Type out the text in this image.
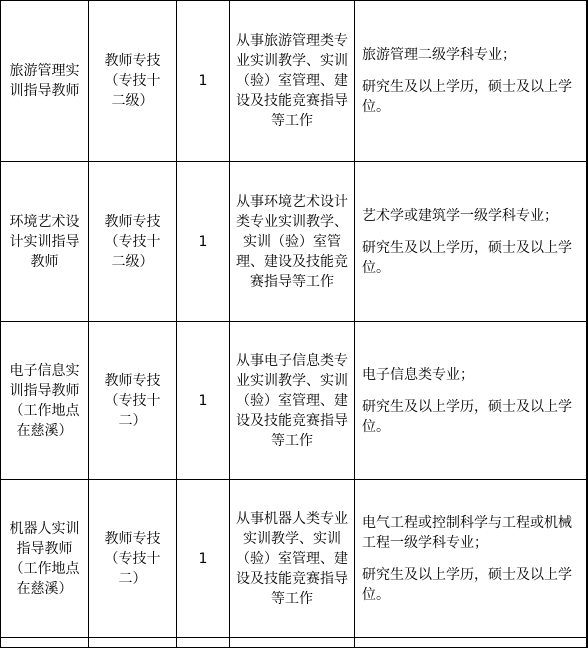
旅游管理实训指导教师	教师专技（专技十二级）	1	从事旅游管理类专业实训教学、实训（验）室管理、建设及技能竞赛指导等工作	旅游管理二级学科专业；
研究生及以上学历，硕士及以上学位。	

环境艺术设计实训指导教师	教师专技（专技十二级）	1	从事环境艺术设计类专业实训教学、实训（验）室管理、建设及技能竞赛指导等工作	艺术学或建筑学一级学科专业；
研究生及以上学历，硕士及以上学位。	

电子信息实训指导教师（工作地点在慈溪）	教师专技（专技十二）	1	从事电子信息类专业实训教学、实训（验）室管理、建设及技能竞赛指导等工作	电子信息类专业；
研究生及以上学历，硕士及以上学位。	

机器人实训指导教师（工作地点在慈溪）	教师专技（专技十二）	1	从事机器人类专业实训教学、实训（验）室管理、建设及技能竞赛指导等工作	电气工程或控制科学与工程或机械工程一级学科专业；
研究生及以上学历，硕士及以上学位。	
